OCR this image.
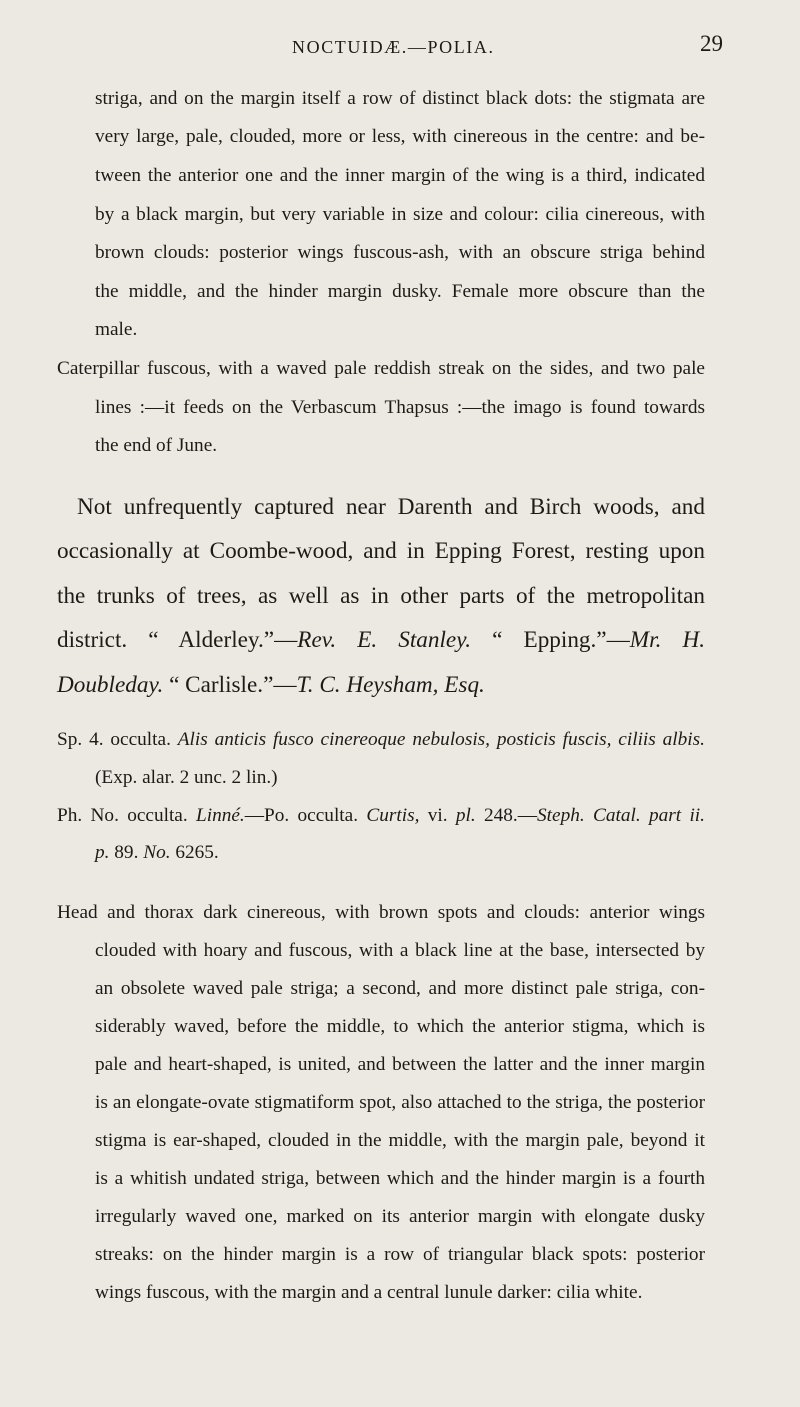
NOCTUIDÆ.—POLIA.	29

striga, and on the margin itself a row of distinct black dots: the stigmata are

very large, pale, clouded, more or less, with cinereous in the centre: and be-

tween the anterior one and the inner margin of the wing is a third, indicated

by a black margin, but very variable in size and colour: cilia cinereous, with

brown clouds: posterior wings fuscous-ash, with an obscure striga behind

the middle, and the hinder margin dusky. Female more obscure than the

male.

Caterpillar fuscous, with a waved pale reddish streak on the sides, and two pale

lines :—it feeds on the Verbascum Thapsus :—the imago is found towards

the end of June.

Not unfrequently captured near Darenth and Birch woods, and

occasionally at Coombe-wood, and in Epping Forest, resting upon

the trunks of trees, as well as in other parts of the metropolitan

district. “ Alderley.”—Rev. E. Stanley. “ Epping.”—Mr. H.

Doubleday. “ Carlisle.”—T. C. Heysham, Esq.

Sp. 4. occulta. Alis anticis fusco cinereoque nebulosis, posticis fuscis, ciliis albis.

(Exp. alar. 2 unc. 2 lin.)

Ph. No. occulta. Linné.—Po. occulta. Curtis, vi. pl. 248.—Steph. Catal. part ii.

p. 89. No. 6265.

Head and thorax dark cinereous, with brown spots and clouds: anterior wings

clouded with hoary and fuscous, with a black line at the base, intersected by

an obsolete waved pale striga; a second, and more distinct pale striga, con-

siderably waved, before the middle, to which the anterior stigma, which is

pale and heart-shaped, is united, and between the latter and the inner margin

is an elongate-ovate stigmatiform spot, also attached to the striga, the posterior

stigma is ear-shaped, clouded in the middle, with the margin pale, beyond it

is a whitish undated striga, between which and the hinder margin is a fourth

irregularly waved one, marked on its anterior margin with elongate dusky

streaks: on the hinder margin is a row of triangular black spots: posterior

wings fuscous, with the margin and a central lunule darker: cilia white.
